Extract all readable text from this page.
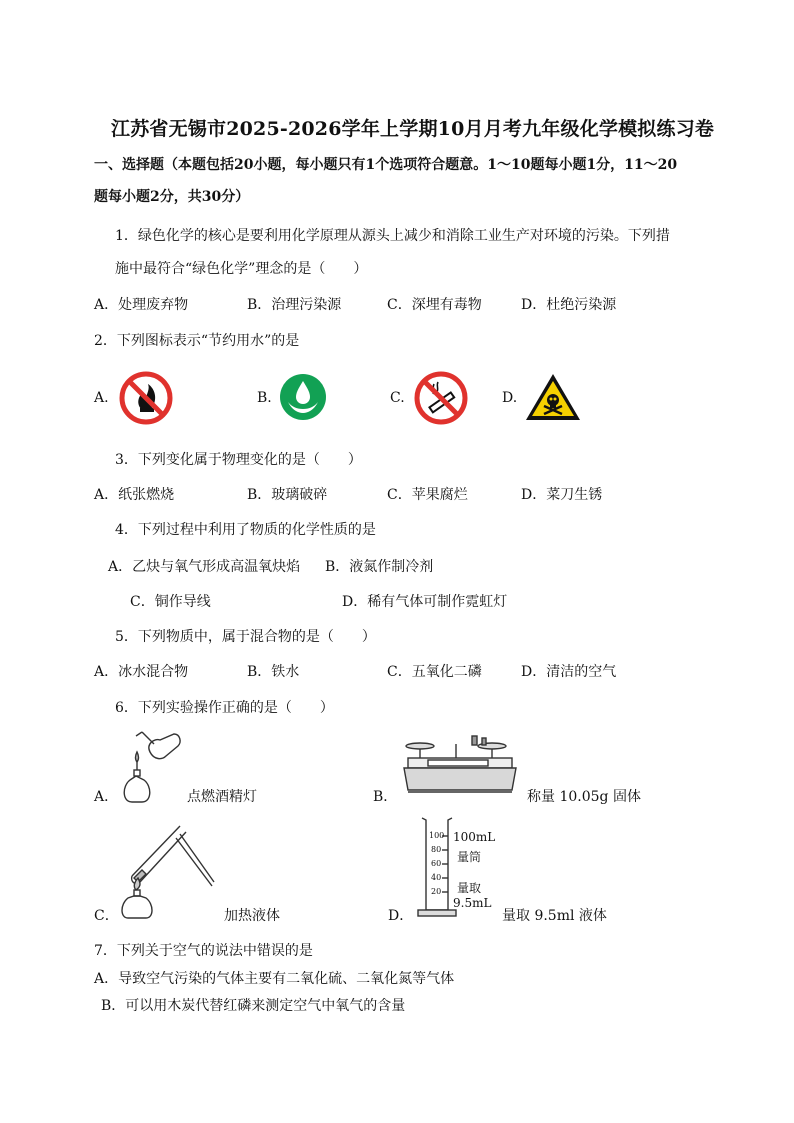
江苏省无锡市2025-2026学年上学期10月月考九年级化学模拟练习卷
一、选择题（本题包括20小题，每小题只有1个选项符合题意。1～10题每小题1分，11～20
题每小题2分，共30分）
1．绿色化学的核心是要利用化学原理从源头上减少和消除工业生产对环境的污染。下列措
施中最符合“绿色化学”理念的是（　　）
A．处理废弃物	B．治理污染源	C．深埋有毒物	D．杜绝污染源
2．下列图标表示“节约用水”的是
A.	B.	C.	D.
3．下列变化属于物理变化的是（　　）
A．纸张燃烧	B．玻璃破碎	C．苹果腐烂	D．菜刀生锈
4．下列过程中利用了物质的化学性质的是
A．乙炔与氧气形成高温氧炔焰 B．液氮作制冷剂
C．铜作导线	D．稀有气体可制作霓虹灯
5．下列物质中，属于混合物的是（　　）
A．冰水混合物	B．铁水	C．五氧化二磷	D．清洁的空气
6．下列实验操作正确的是（　　）
A．	点燃酒精灯	B．	称量 10.05g 固体
C．	加热液体	D．
100
80
60
40
20
100mL
量筒
量取
9.5mL
量取 9.5ml 液体
7．下列关于空气的说法中错误的是
A．导致空气污染的气体主要有二氧化硫、二氧化氮等气体
B．可以用木炭代替红磷来测定空气中氧气的含量
